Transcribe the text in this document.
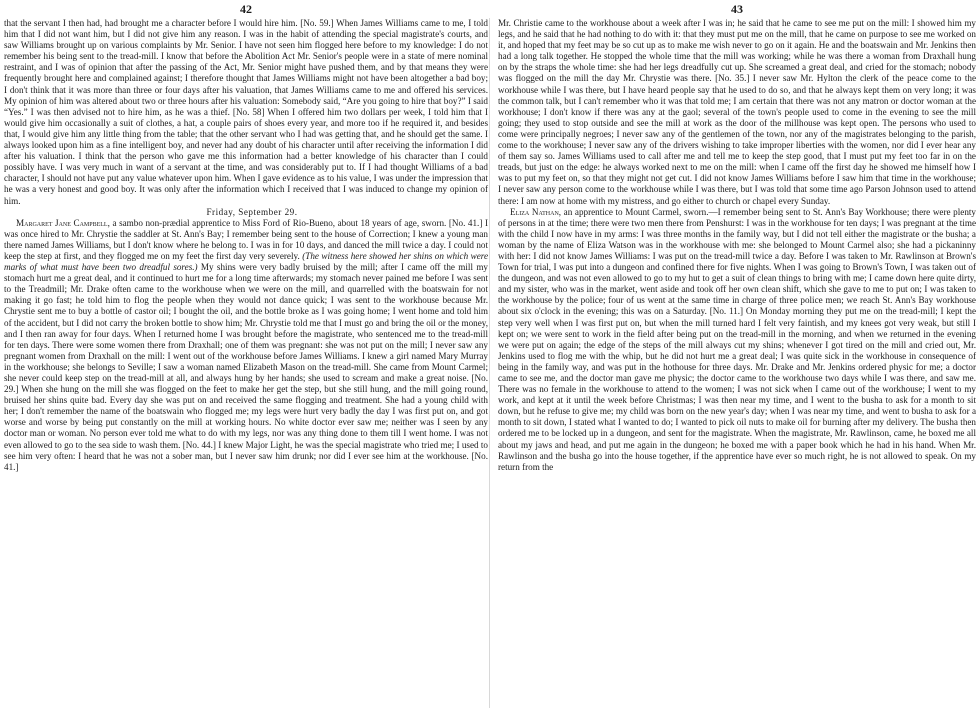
42

that the servant I then had, had brought me a character before I would hire him. [No. 59.] When James Williams came to me, I told him that I did not want him, but I did not give him any reason. I was in the habit of attending the special magistrate's courts, and saw Williams brought up on various complaints by Mr. Senior. I have not seen him flogged here before to my knowledge: I do not remember his being sent to the tread-mill. I know that before the Abolition Act Mr. Senior's people were in a state of mere nominal restraint, and I was of opinion that after the passing of the Act, Mr. Senior might have pushed them, and by that means they were frequently brought here and complained against; I therefore thought that James Williams might not have been altogether a bad boy; I don't think that it was more than three or four days after his valuation, that James Williams came to me and offered his services. My opinion of him was altered about two or three hours after his valuation: Somebody said, “Are you going to hire that boy?” I said “Yes.” I was then advised not to hire him, as he was a thief. [No. 58] When I offered him two dollars per week, I told him that I would give him occasionally a suit of clothes, a hat, a couple pairs of shoes every year, and more too if he required it, and besides that, I would give him any little thing from the table; that the other servant who I had was getting that, and he should get the same. I always looked upon him as a fine intelligent boy, and never had any doubt of his character until after receiving the information I did after his valuation. I think that the person who gave me this information had a better knowledge of his character than I could possibly have. I was very much in want of a servant at the time, and was considerably put to. If I had thought Williams of a bad character, I should not have put any value whatever upon him. When I gave evidence as to his value, I was under the impression that he was a very honest and good boy. It was only after the information which I received that I was induced to change my opinion of him.

Friday, September 29.

Margaret Jane Campbell, a sambo non-prædial apprentice to Miss Ford of Rio-Bueno, about 18 years of age, sworn. [No. 41.] I was once hired to Mr. Chrystie the saddler at St. Ann's Bay; I remember being sent to the house of Correction; I knew a young man there named James Williams, but I don't know where he belong to. I was in for 10 days, and danced the mill twice a day. I could not keep the step at first, and they flogged me on my feet the first day very severely. (The witness here showed her shins on which were marks of what must have been two dreadful sores.) My shins were very badly bruised by the mill; after I came off the mill my stomach hurt me a great deal, and it continued to hurt me for a long time afterwards; my stomach never pained me before I was sent to the Treadmill; Mr. Drake often came to the workhouse when we were on the mill, and quarrelled with the boatswain for not making it go fast; he told him to flog the people when they would not dance quick; I was sent to the workhouse because Mr. Chrystie sent me to buy a bottle of castor oil; I bought the oil, and the bottle broke as I was going home; I went home and told him of the accident, but I did not carry the broken bottle to show him; Mr. Chrystie told me that I must go and bring the oil or the money, and I then ran away for four days. When I returned home I was brought before the magistrate, who sentenced me to the tread-mill for ten days. There were some women there from Draxhall; one of them was pregnant: she was not put on the mill; I never saw any pregnant women from Draxhall on the mill: I went out of the workhouse before James Williams. I knew a girl named Mary Murray in the workhouse; she belongs to Seville; I saw a woman named Elizabeth Mason on the tread-mill. She came from Mount Carmel; she never could keep step on the tread-mill at all, and always hung by her hands; she used to scream and make a great noise. [No. 29.] When she hung on the mill she was flogged on the feet to make her get the step, but she still hung, and the mill going round, bruised her shins quite bad. Every day she was put on and received the same flogging and treatment. She had a young child with her; I don't remember the name of the boatswain who flogged me; my legs were hurt very badly the day I was first put on, and got worse and worse by being put constantly on the mill at working hours. No white doctor ever saw me; neither was I seen by any doctor man or woman. No person ever told me what to do with my legs, nor was any thing done to them till I went home. I was not even allowed to go to the sea side to wash them. [No. 44.] I knew Major Light, he was the special magistrate who tried me; I used to see him very often: I heard that he was not a sober man, but I never saw him drunk; nor did I ever see him at the workhouse. [No. 41.]

43

Mr. Christie came to the workhouse about a week after I was in; he said that he came to see me put on the mill: I showed him my legs, and he said that he had nothing to do with it: that they must put me on the mill, that he came on purpose to see me worked on it, and hoped that my feet may be so cut up as to make me wish never to go on it again. He and the boatswain and Mr. Jenkins then had a long talk together. He stopped the whole time that the mill was working; while he was there a woman from Draxhall hung on by the straps the whole time: she had her legs dreadfully cut up. She screamed a great deal, and cried for the stomach; nobody was flogged on the mill the day Mr. Chrystie was there. [No. 35.] I never saw Mr. Hylton the clerk of the peace come to the workhouse while I was there, but I have heard people say that he used to do so, and that he always kept them on very long; it was the common talk, but I can't remember who it was that told me; I am certain that there was not any matron or doctor woman at the workhouse; I don't know if there was any at the gaol; several of the town's people used to come in the evening to see the mill going; they used to stop outside and see the mill at work as the door of the millhouse was kept open. The persons who used to come were principally negroes; I never saw any of the gentlemen of the town, nor any of the magistrates belonging to the parish, come to the workhouse; I never saw any of the drivers wishing to take improper liberties with the women, nor did I ever hear any of them say so. James Williams used to call after me and tell me to keep the step good, that I must put my feet too far in on the treads, but just on the edge: he always worked next to me on the mill: when I came off the first day he showed me himself how I was to put my feet on, so that they might not get cut. I did not know James Williams before I saw him that time in the workhouse; I never saw any person come to the workhouse while I was there, but I was told that some time ago Parson Johnson used to attend there: I am now at home with my mistress, and go either to church or chapel every Sunday.

Eliza Nathan, an apprentice to Mount Carmel, sworn.—I remember being sent to St. Ann's Bay Workhouse; there were plenty of persons in at the time; there were two men there from Penshurst: I was in the workhouse for ten days; I was pregnant at the time with the child I now have in my arms: I was three months in the family way, but I did not tell either the magistrate or the busha; a woman by the name of Eliza Watson was in the workhouse with me: she belonged to Mount Carmel also; she had a pickaninny with her: I did not know James Williams: I was put on the tread-mill twice a day. Before I was taken to Mr. Rawlinson at Brown's Town for trial, I was put into a dungeon and confined there for five nights. When I was going to Brown's Town, I was taken out of the dungeon, and was not even allowed to go to my hut to get a suit of clean things to bring with me; I came down here quite dirty, and my sister, who was in the market, went aside and took off her own clean shift, which she gave to me to put on; I was taken to the workhouse by the police; four of us went at the same time in charge of three police men; we reach St. Ann's Bay workhouse about six o'clock in the evening; this was on a Saturday. [No. 11.] On Monday morning they put me on the tread-mill; I kept the step very well when I was first put on, but when the mill turned hard I felt very faintish, and my knees got very weak, but still I kept on; we were sent to work in the field after being put on the tread-mill in the morning, and when we returned in the evening we were put on again; the edge of the steps of the mill always cut my shins; whenever I got tired on the mill and cried out, Mr. Jenkins used to flog me with the whip, but he did not hurt me a great deal; I was quite sick in the workhouse in consequence of being in the family way, and was put in the hothouse for three days. Mr. Drake and Mr. Jenkins ordered physic for me; a doctor came to see me, and the doctor man gave me physic; the doctor came to the workhouse two days while I was there, and saw me. There was no female in the workhouse to attend to the women; I was not sick when I came out of the workhouse; I went to my work, and kept at it until the week before Christmas; I was then near my time, and I went to the busha to ask for a month to sit down, but he refuse to give me; my child was born on the new year's day; when I was near my time, and went to busha to ask for a month to sit down, I stated what I wanted to do; I wanted to pick oil nuts to make oil for burning after my delivery. The busha then ordered me to be locked up in a dungeon, and sent for the magistrate. When the magistrate, Mr. Rawlinson, came, he boxed me all about my jaws and head, and put me again in the dungeon; he boxed me with a paper book which he had in his hand. When Mr. Rawlinson and the busha go into the house together, if the apprentice have ever so much right, he is not allowed to speak. On my return from the
